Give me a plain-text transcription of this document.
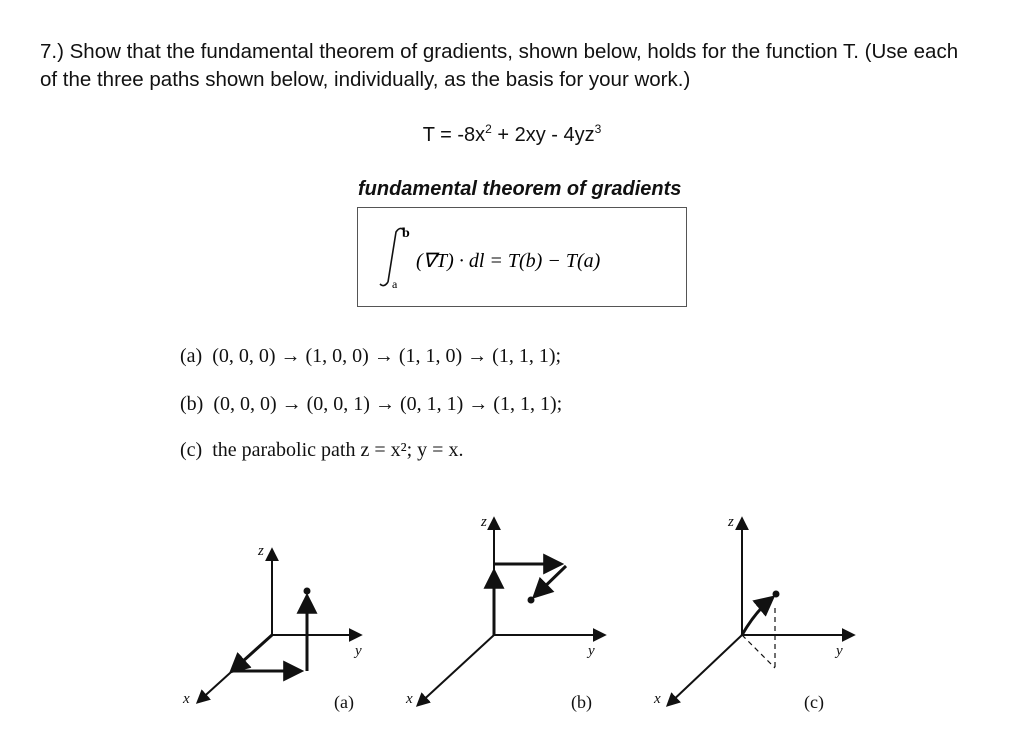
7.) Show that the fundamental theorem of gradients, shown below, holds for the function T. (Use each
of the three paths shown below, individually, as the basis for your work.)
$T = -8x^2 + 2xy - 4yz^3$
fundamental theorem of gradients
b
a
(∇T) · dl = T(b) − T(a)
(a) (0, 0, 0) → (1, 0, 0) → (1, 1, 0) → (1, 1, 1);
(b) (0, 0, 0) → (0, 0, 1) → (0, 1, 1) → (1, 1, 1);
(c) the parabolic path z = x²; y = x.
z
y
x	(a)
z
y
x	(b)
z
y
x	(c)
